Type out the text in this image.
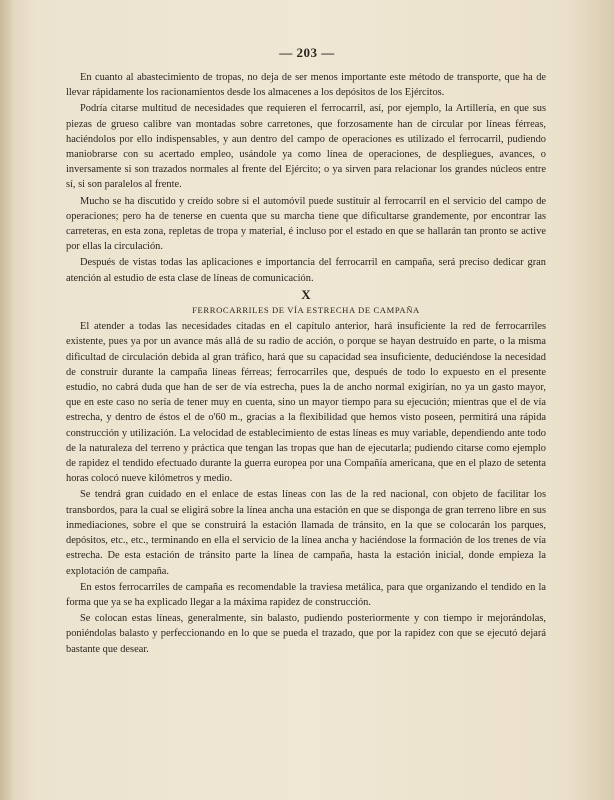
— 203 —

En cuanto al abastecimiento de tropas, no deja de ser menos importante este método de transporte, que ha de llevar rápidamente los racionamientos desde los almacenes a los depósitos de los Ejércitos.

Podría citarse multitud de necesidades que requieren el ferrocarril, así, por ejemplo, la Artillería, en que sus piezas de grueso calibre van montadas sobre carretones, que forzosamente han de circular por líneas férreas, haciéndolos por ello indispensables, y aun dentro del campo de operaciones es utilizado el ferrocarril, pudiendo maniobrarse con su acertado empleo, usándole ya como línea de operaciones, de despliegues, avances, o inversamente si son trazados normales al frente del Ejército; o ya sirven para relacionar los grandes núcleos entre sí, si son paralelos al frente.

Mucho se ha discutido y creído sobre si el automóvil puede sustituir al ferrocarril en el servicio del campo de operaciones; pero ha de tenerse en cuenta que su marcha tiene que dificultarse grandemente, por encontrar las carreteras, en esta zona, repletas de tropa y material, é incluso por el estado en que se hallarán tan pronto se active por ellas la circulación.

Después de vistas todas las aplicaciones e importancia del ferrocarril en campaña, será preciso dedicar gran atención al estudio de esta clase de líneas de comunicación.

X

FERROCARRILES DE VÍA ESTRECHA DE CAMPAÑA

El atender a todas las necesidades citadas en el capítulo anterior, hará insuficiente la red de ferrocarriles existente, pues ya por un avance más allá de su radio de acción, o porque se hayan destruído en parte, o la misma dificultad de circulación debida al gran tráfico, hará que su capacidad sea insuficiente, deduciéndose la necesidad de construir durante la campaña líneas férreas; ferrocarriles que, después de todo lo expuesto en el presente estudio, no cabrá duda que han de ser de vía estrecha, pues la de ancho normal exigirían, no ya un gasto mayor, que en este caso no sería de tener muy en cuenta, sino un mayor tiempo para su ejecución; mientras que el de vía estrecha, y dentro de éstos el de o'60 m., gracias a la flexibilidad que hemos visto poseen, permitirá una rápida construcción y utilización. La velocidad de establecimiento de estas líneas es muy variable, dependiendo ante todo de la naturaleza del terreno y práctica que tengan las tropas que han de ejecutarla; pudiendo citarse como ejemplo de rapidez el tendido efectuado durante la guerra europea por una Compañía americana, que en el plazo de setenta horas colocó nueve kilómetros y medio.

Se tendrá gran cuidado en el enlace de estas líneas con las de la red nacional, con objeto de facilitar los transbordos, para la cual se eligirá sobre la línea ancha una estación en que se disponga de gran terreno libre en sus inmediaciones, sobre el que se construirá la estación llamada de tránsito, en la que se colocarán los parques, depósitos, etc., etc., terminando en ella el servicio de la línea ancha y haciéndose la formación de los trenes de vía estrecha. De esta estación de tránsito parte la línea de campaña, hasta la estación inicial, donde empieza la explotación de campaña.

En estos ferrocarriles de campaña es recomendable la traviesa metálica, para que organizando el tendido en la forma que ya se ha explicado llegar a la máxima rapidez de construcción.

Se colocan estas líneas, generalmente, sin balasto, pudiendo posteriormente y con tiempo ir mejorándolas, poniéndolas balasto y perfeccionando en lo que se pueda el trazado, que por la rapidez con que se ejecutó dejará bastante que desear.
